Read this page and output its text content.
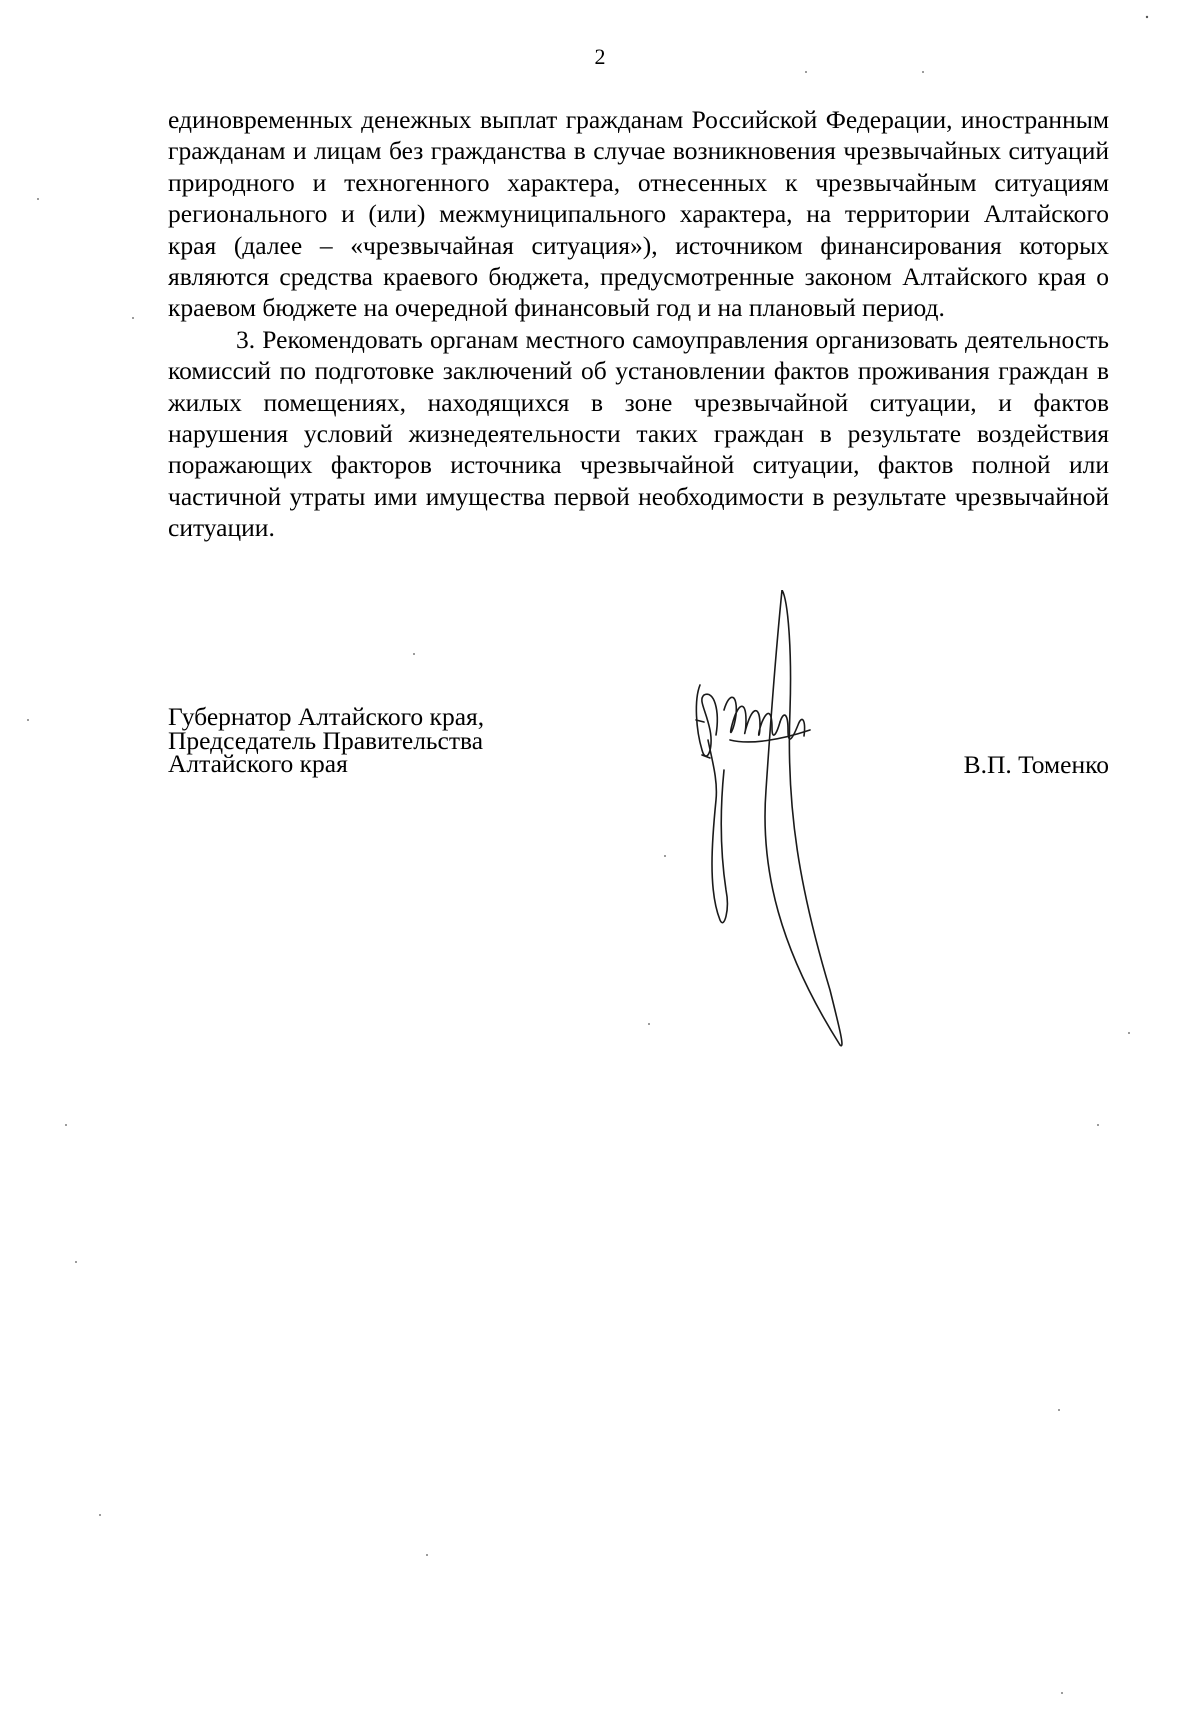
2

единовременных денежных выплат гражданам Российской Федерации, иностранным гражданам и лицам без гражданства в случае возникновения чрезвычайных ситуаций природного и техногенного характера, отнесенных к чрезвычайным ситуациям регионального и (или) межмуниципального характера, на территории Алтайского края (далее – «чрезвычайная ситуация»), источником финансирования которых являются средства краевого бюджета, предусмотренные законом Алтайского края о краевом бюджете на очередной финансовый год и на плановый период.

3. Рекомендовать органам местного самоуправления организовать деятельность комиссий по подготовке заключений об установлении фактов проживания граждан в жилых помещениях, находящихся в зоне чрезвычайной ситуации, и фактов нарушения условий жизнедеятельности таких граждан в результате воздействия поражающих факторов источника чрезвычайной ситуации, фактов полной или частичной утраты ими имущества первой необходимости в результате чрезвычайной ситуации.

Губернатор Алтайского края,
Председатель Правительства
Алтайского края	В.П. Томенко
